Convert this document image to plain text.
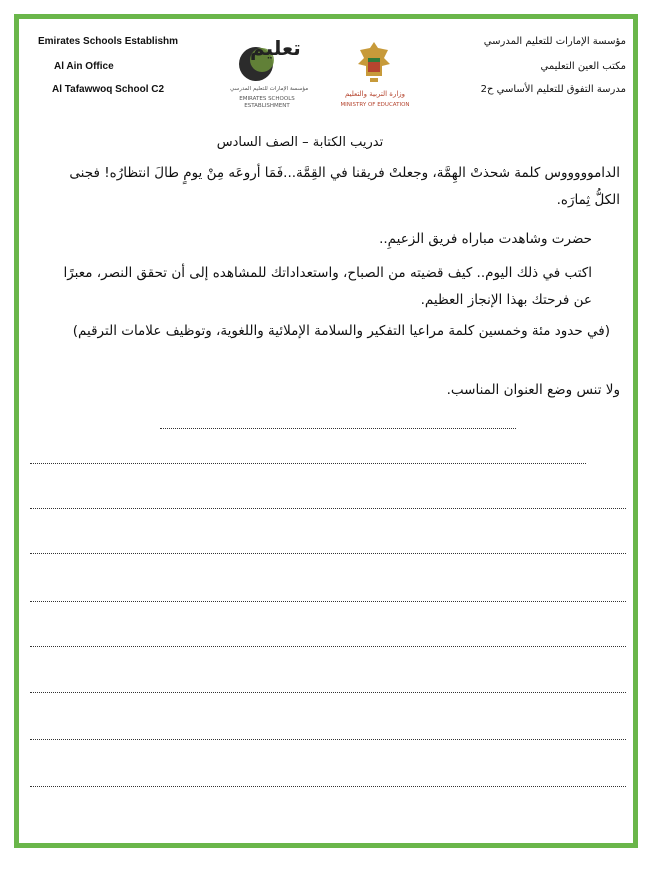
Emirates Schools Establishm
Al Ain Office
Al Tafawwoq School C2
مؤسسة الإمارات للتعليم المدرسي
مكتب العين التعليمي
مدرسة التفوق للتعليم الأساسي ح2
تعليم
مؤسسة الإمارات للتعليم المدرسي
EMIRATES SCHOOLS
ESTABLISHMENT
وزارة التربية والتعليم
MINISTRY OF EDUCATION
تدريب الكتابة – الصف السادس
الداموووووس كلمة شحذتْ الهِمَّة، وجعلتْ فريقنا في القِمَّة...فَمَا أروعَه مِنْ يومٍ طالَ انتظارُه! فجنى الكلُّ ثِمارَه.
حضرت وشاهدت مباراه فريق الزعيمِ..
اكتب في ذلك اليوم.. كيف قضيته من الصباح، واستعداداتك للمشاهده إلى أن تحقق النصر، معبرًا عن فرحتك بهذا الإنجاز العظيم.
(في حدود مئة وخمسين كلمة مراعيا التفكير والسلامة الإملائية واللغوية، وتوظيف علامات الترقيم)
ولا تنس وضع العنوان المناسب.
